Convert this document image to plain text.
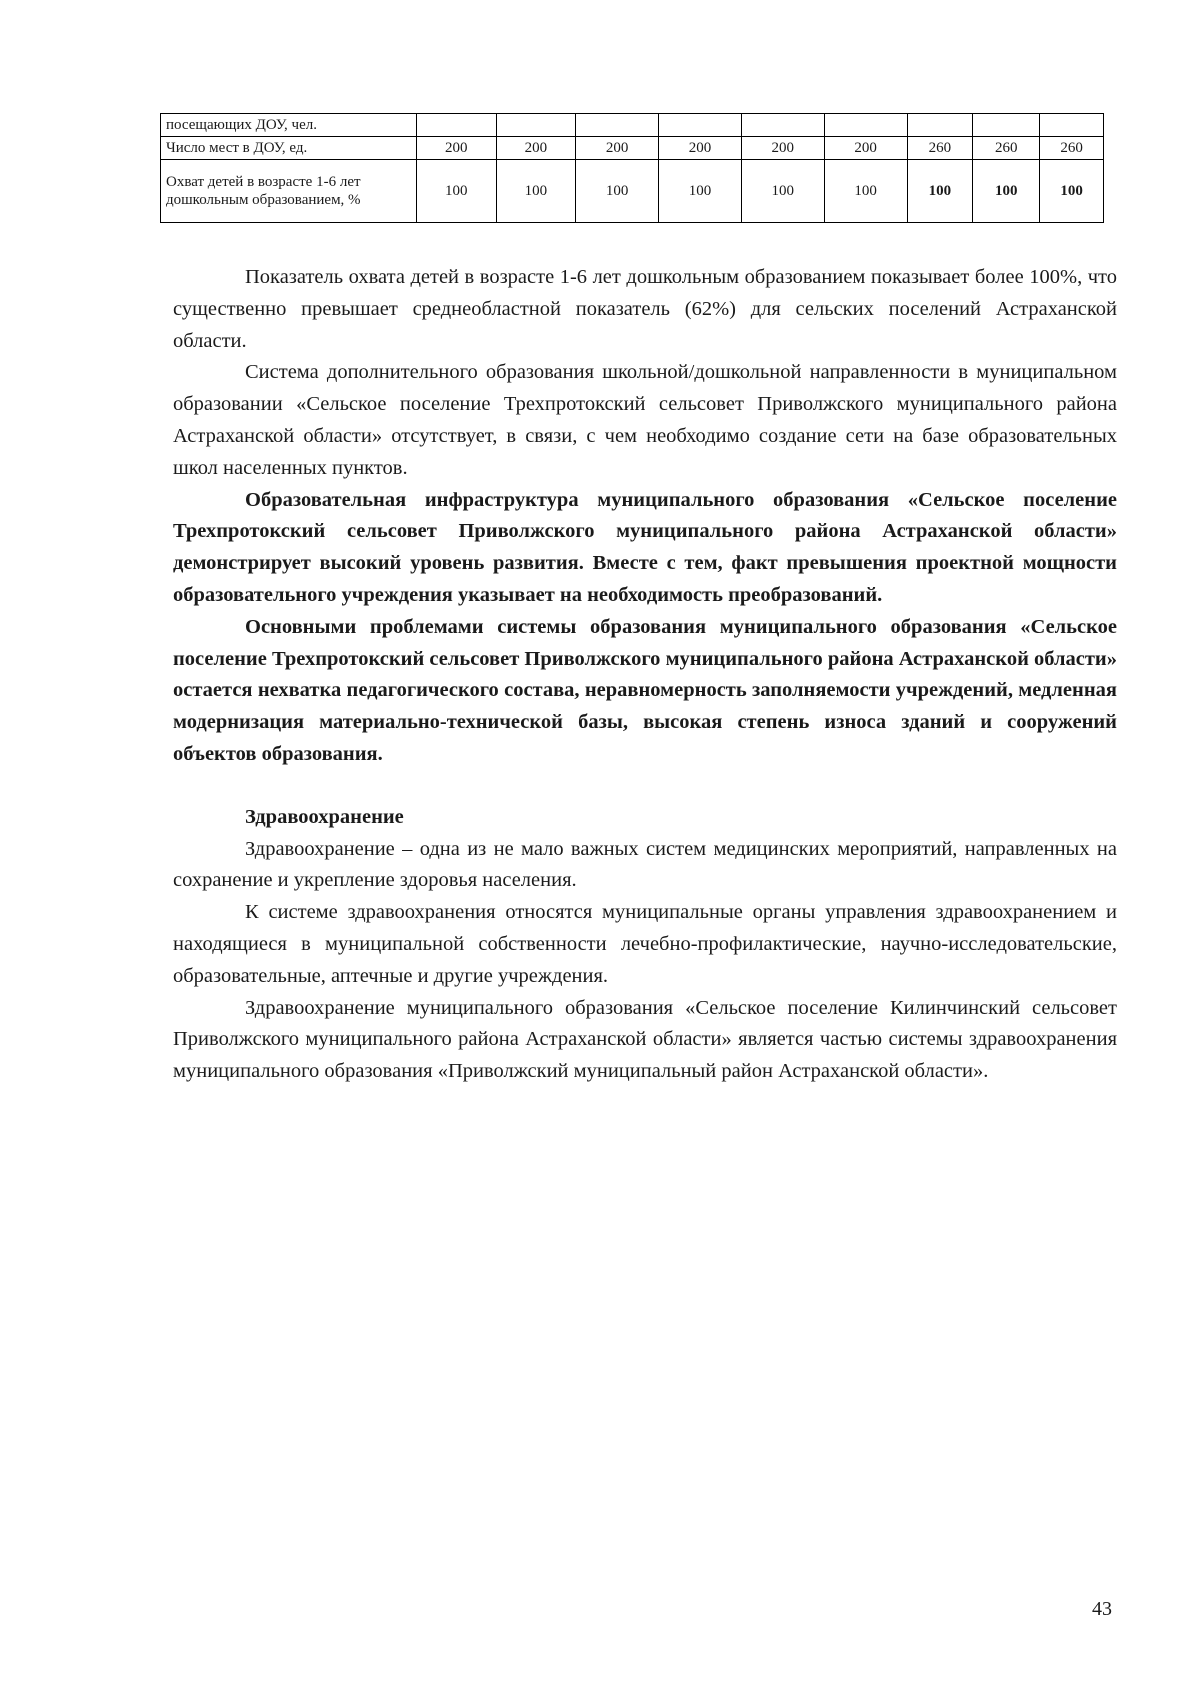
посещающих ДОУ, чел.									
Число мест в ДОУ, ед.	200	200	200	200	200	200	260	260	260
Охват детей в возрасте 1-6 лет дошкольным образованием, %	100	100	100	100	100	100	100	100	100

Показатель охвата детей в возрасте 1-6 лет дошкольным образованием показывает более 100%, что существенно превышает среднеобластной показатель (62%) для сельских поселений Астраханской области.

Система дополнительного образования школьной/дошкольной направленности в муниципальном образовании «Сельское поселение Трехпротокский сельсовет Приволжского муниципального района Астраханской области» отсутствует, в связи, с чем необходимо создание сети на базе образовательных школ населенных пунктов.

Образовательная инфраструктура муниципального образования «Сельское поселение Трехпротокский сельсовет Приволжского муниципального района Астраханской области» демонстрирует высокий уровень развития. Вместе с тем, факт превышения проектной мощности образовательного учреждения указывает на необходимость преобразований.

Основными проблемами системы образования муниципального образования «Сельское поселение Трехпротокский сельсовет Приволжского муниципального района Астраханской области» остается нехватка педагогического состава, неравномерность заполняемости учреждений, медленная модернизация материально-технической базы, высокая степень износа зданий и сооружений объектов образования.

Здравоохранение

Здравоохранение – одна из не мало важных систем медицинских мероприятий, направленных на сохранение и укрепление здоровья населения.

К системе здравоохранения относятся муниципальные органы управления здравоохранением и находящиеся в муниципальной собственности лечебно-профилактические, научно-исследовательские, образовательные, аптечные и другие учреждения.

Здравоохранение муниципального образования «Сельское поселение Килинчинский сельсовет Приволжского муниципального района Астраханской области» является частью системы здравоохранения муниципального образования «Приволжский муниципальный район Астраханской области».

43
